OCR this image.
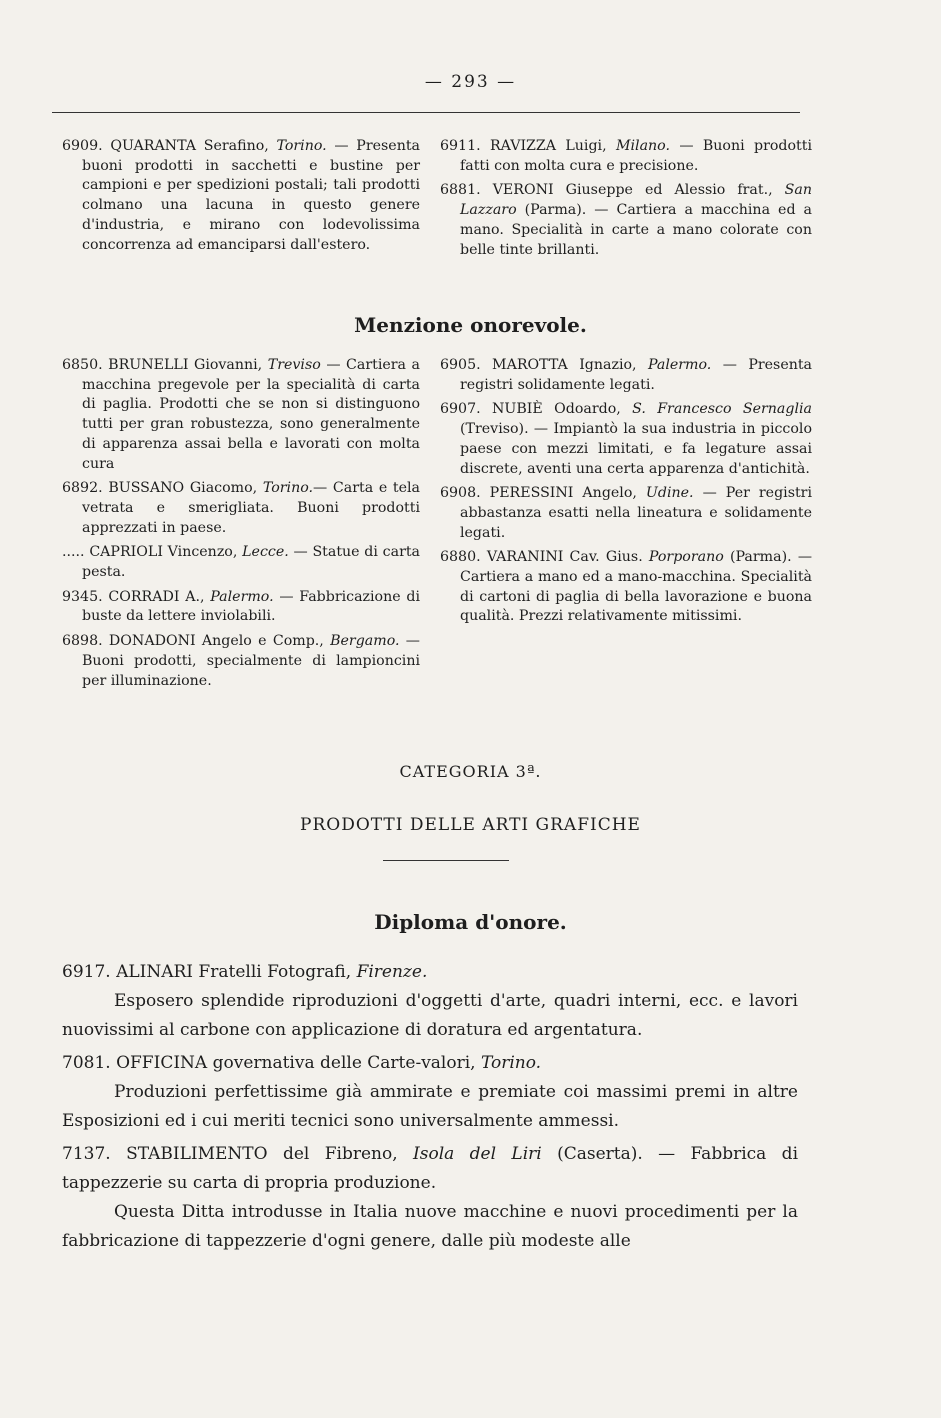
— 293 —

6909. QUARANTA Serafino, Torino. — Presenta buoni prodotti in sacchetti e bustine per campioni e per spedizioni postali; tali prodotti colmano una lacuna in questo genere d'industria, e mirano con lodevolissima concorrenza ad emanciparsi dall'estero.

6911. RAVIZZA Luigi, Milano. — Buoni prodotti fatti con molta cura e precisione.

6881. VERONI Giuseppe ed Alessio frat., San Lazzaro (Parma). — Cartiera a macchina ed a mano. Specialità in carte a mano colorate con belle tinte brillanti.

Menzione onorevole.

6850. BRUNELLI Giovanni, Treviso — Cartiera a macchina pregevole per la specialità di carta di paglia. Prodotti che se non si distinguono tutti per gran robustezza, sono generalmente di apparenza assai bella e lavorati con molta cura

6892. BUSSANO Giacomo, Torino.— Carta e tela vetrata e smerigliata. Buoni prodotti apprezzati in paese.

..... CAPRIOLI Vincenzo, Lecce. — Statue di carta pesta.

9345. CORRADI A., Palermo. — Fabbricazione di buste da lettere inviolabili.

6898. DONADONI Angelo e Comp., Bergamo. — Buoni prodotti, specialmente di lampioncini per illuminazione.

6905. MAROTTA Ignazio, Palermo. — Presenta registri solidamente legati.

6907. NUBIÈ Odoardo, S. Francesco Sernaglia (Treviso). — Impiantò la sua industria in piccolo paese con mezzi limitati, e fa legature assai discrete, aventi una certa apparenza d'antichità.

6908. PERESSINI Angelo, Udine. — Per registri abbastanza esatti nella lineatura e solidamente legati.

6880. VARANINI Cav. Gius. Porporano (Parma). — Cartiera a mano ed a mano-macchina. Specialità di cartoni di paglia di bella lavorazione e buona qualità. Prezzi relativamente mitissimi.

CATEGORIA 3ª.
PRODOTTI DELLE ARTI GRAFICHE
Diploma d'onore.

6917. ALINARI Fratelli Fotografi, Firenze.

Esposero splendide riproduzioni d'oggetti d'arte, quadri interni, ecc. e lavori nuovissimi al carbone con applicazione di doratura ed argentatura.

7081. OFFICINA governativa delle Carte-valori, Torino.

Produzioni perfettissime già ammirate e premiate coi massimi premi in altre Esposizioni ed i cui meriti tecnici sono universalmente ammessi.

7137. STABILIMENTO del Fibreno, Isola del Liri (Caserta). — Fabbrica di tappezzerie su carta di propria produzione.

Questa Ditta introdusse in Italia nuove macchine e nuovi procedimenti per la fabbricazione di tappezzerie d'ogni genere, dalle più modeste alle
